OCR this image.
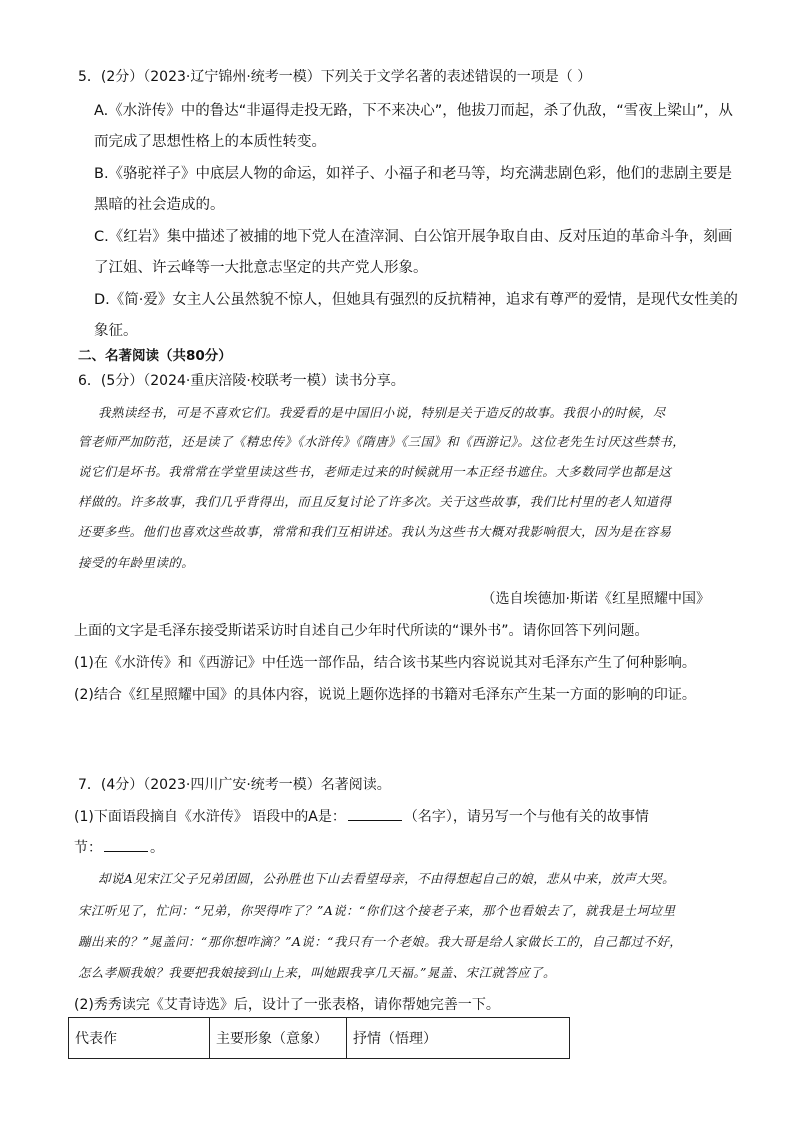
5．(2分）（2023·辽宁锦州·统考一模）下列关于文学名著的表述错误的一项是（ ）
A.《水浒传》中的鲁达“非逼得走投无路，下不来决心”，他拔刀而起，杀了仇敌，“雪夜上梁山”，从
而完成了思想性格上的本质性转变。
B.《骆驼祥子》中底层人物的命运，如祥子、小福子和老马等，均充满悲剧色彩，他们的悲剧主要是
黑暗的社会造成的。
C.《红岩》集中描述了被捕的地下党人在渣滓洞、白公馆开展争取自由、反对压迫的革命斗争，刻画
了江姐、许云峰等一大批意志坚定的共产党人形象。
D.《简·爱》女主人公虽然貌不惊人，但她具有强烈的反抗精神，追求有尊严的爱情，是现代女性美的
象征。
二、名著阅读（共80分）
6．(5分）（2024·重庆涪陵·校联考一模）读书分享。
我熟读经书，可是不喜欢它们。我爱看的是中国旧小说，特别是关于造反的故事。我很小的时候，尽
管老师严加防范，还是读了《精忠传》《水浒传》《隋唐》《三国》和《西游记》。这位老先生讨厌这些禁书，
说它们是坏书。我常常在学堂里读这些书，老师走过来的时候就用一本正经书遮住。大多数同学也都是这
样做的。许多故事，我们几乎背得出，而且反复讨论了许多次。关于这些故事，我们比村里的老人知道得
还要多些。他们也喜欢这些故事，常常和我们互相讲述。我认为这些书大概对我影响很大，因为是在容易
接受的年龄里读的。
（选自埃德加·斯诺《红星照耀中国》
上面的文字是毛泽东接受斯诺采访时自述自己少年时代所读的“课外书”。请你回答下列问题。
(1)在《水浒传》和《西游记》中任选一部作品，结合该书某些内容说说其对毛泽东产生了何种影响。
(2)结合《红星照耀中国》的具体内容，说说上题你选择的书籍对毛泽东产生某一方面的影响的印证。
7．(4分）（2023·四川广安·统考一模）名著阅读。
(1)下面语段摘自《水浒传》 语段中的A是：	（名字），请另写一个与他有关的故事情
节：	。
却说A见宋江父子兄弟团圆，公孙胜也下山去看望母亲，不由得想起自己的娘，悲从中来，放声大哭。
宋江听见了，忙问：“兄弟，你哭得咋了？”A说：“你们这个接老子来，那个也看娘去了，就我是土坷垃里
蹦出来的？”晁盖问：“那你想咋滴？”A说：“我只有一个老娘。我大哥是给人家做长工的，自己都过不好，
怎么孝顺我娘？我要把我娘接到山上来，叫她跟我享几天福。”晁盖、宋江就答应了。
(2)秀秀读完《艾青诗选》后，设计了一张表格，请你帮她完善一下。
代表作	主要形象（意象）	抒情（悟理）
